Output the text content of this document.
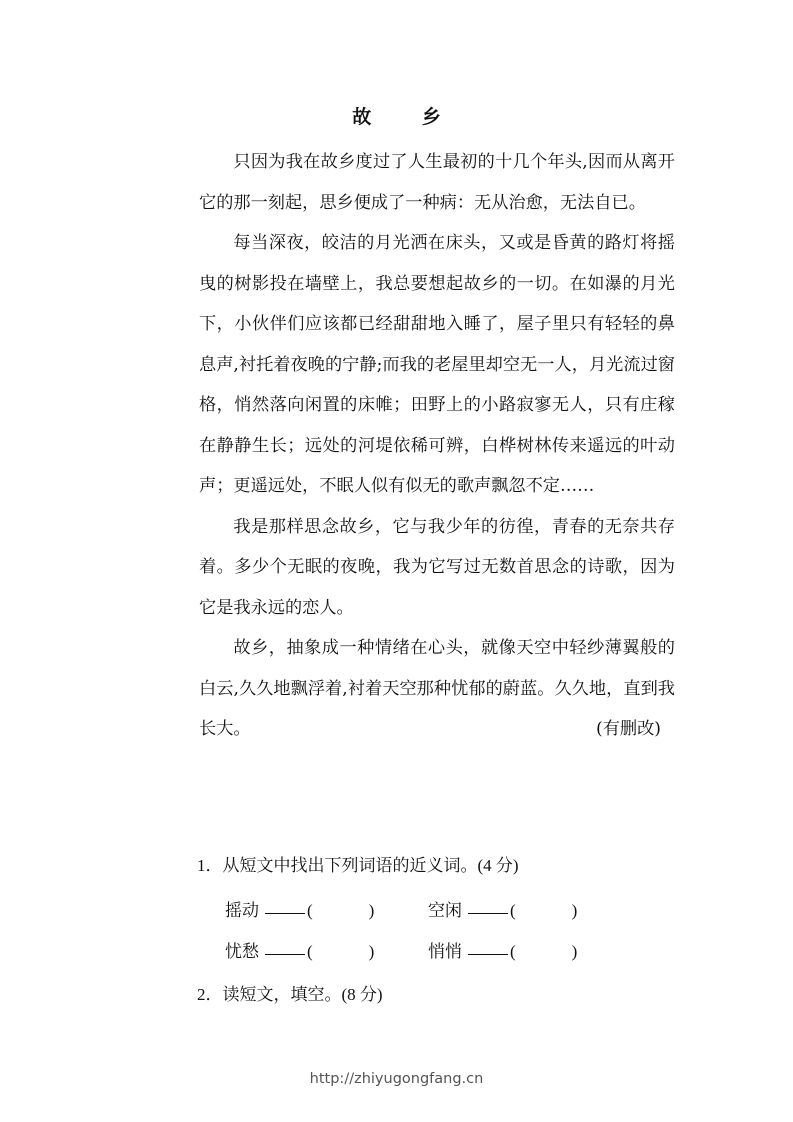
故 乡

只因为我在故乡度过了人生最初的十几个年头,因而从离开它的那一刻起，思乡便成了一种病：无从治愈，无法自已。

每当深夜，皎洁的月光洒在床头，又或是昏黄的路灯将摇曳的树影投在墙壁上，我总要想起故乡的一切。在如瀑的月光下，小伙伴们应该都已经甜甜地入睡了，屋子里只有轻轻的鼻息声,衬托着夜晚的宁静;而我的老屋里却空无一人，月光流过窗格，悄然落向闲置的床帷；田野上的小路寂寥无人，只有庄稼在静静生长；远处的河堤依稀可辨，白桦树林传来遥远的叶动声；更遥远处，不眠人似有似无的歌声飘忽不定……

我是那样思念故乡，它与我少年的彷徨，青春的无奈共存着。多少个无眠的夜晚，我为它写过无数首思念的诗歌，因为它是我永远的恋人。

故乡，抽象成一种情绪在心头，就像天空中轻纱薄翼般的白云,久久地飘浮着,衬着天空那种忧郁的蔚蓝。久久地，直到我长大。	(有删改)

1．从短文中找出下列词语的近义词。(4 分)
摇动	(	)	空闲	(	)
忧愁	(	)	悄悄	(	)
2．读短文，填空。(8 分)
http://zhiyugongfang.cn
